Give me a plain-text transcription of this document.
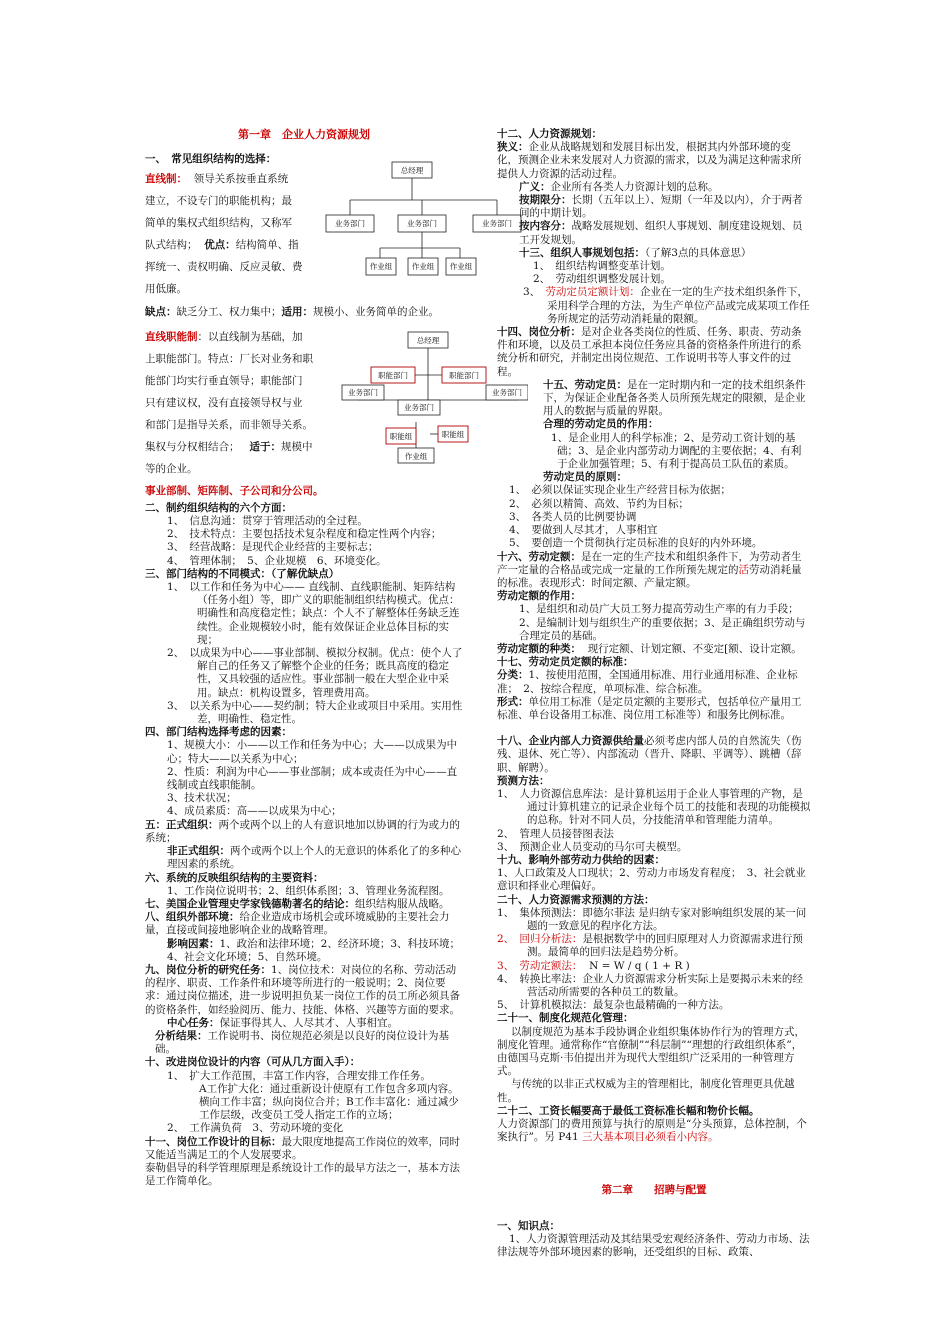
第一章　企业人力资源规划

一、　常见组织结构的选择：

直线制： 领导关系按垂直系统

建立，不设专门的职能机构；最

简单的集权式组织结构，又称军

队式结构； 优点：结构简单、指

挥统一、责权明确、反应灵敏、费

用低廉。

缺点：缺乏分工、权力集中；适用：规模小、业务简单的企业。

直线职能制：以直线制为基础，加

上职能部门。特点：厂长对业务和职

能部门均实行垂直领导；职能部门

只有建议权，没有直接领导权与业

和部门是指导关系，而非领导关系。

集权与分权相结合； 适于：规模中

等的企业。

事业部制、矩阵制、子公司和分公司。

二、制约组织结构的六个方面：

1、　信息沟通：贯穿于管理活动的全过程。

2、　技术特点：主要包括技术复杂程度和稳定性两个内容；

3、　经营战略：是现代企业经营的主要标志；

4、　管理体制；　5、企业规模　6、环境变化。

三、部门结构的不同模式：（了解优缺点）

1、　以工作和任务为中心—— 直线制、直线职能制、矩阵结构（任务小组）等，即广义的职能制组织结构模式。优点：明确性和高度稳定性；缺点：个人不了解整体任务缺乏连续性。企业规模较小时，能有效保证企业总体目标的实现；

2、　以成果为中心——事业部制、模拟分权制。优点：使个人了解自己的任务又了解整个企业的任务；既具高度的稳定性，又具较强的适应性。事业部制一般在大型企业中采用。缺点：机构设置多，管理费用高。

3、　以关系为中心——契约制；特大企业或项目中采用。实用性差，明确性、稳定性。

四、部门结构选择考虑的因素：

1、规模大小：小——以工作和任务为中心；大——以成果为中心；特大——以关系为中心；

2、性质：利润为中心——事业部制；成本或责任为中心——直线制或直线职能制。

3、技术状况；

4、成员素质：高——以成果为中心；

五：正式组织：两个或两个以上的人有意识地加以协调的行为或力的系统；

非正式组织：两个或两个以上个人的无意识的体系化了的多种心理因素的系统。

六、系统的反映组织结构的主要资料：

1、工作岗位说明书；2、组织体系图；3、管理业务流程图。

七、美国企业管理史学家钱德勒著名的结论：组织结构服从战略。

八、组织外部环境：给企业造成市场机会或环境威胁的主要社会力量，直接或间接地影响企业的战略管理。

影响因素：1、政治和法律环境；2、经济环境；3、科技环境；4、社会文化环境；5、自然环境。

九、岗位分析的研究任务：1、岗位技术：对岗位的名称、劳动活动的程序、职责、工作条件和环境等所进行的一般说明；2、岗位要求：通过岗位描述，进一步说明担负某一岗位工作的员工所必须具备的资格条件，如经验阅历、能力、技能、体格、兴趣等方面的要求。

中心任务：保证事得其人、人尽其才、人事相宜。

分析结果：工作说明书、岗位规范必须是以良好的岗位设计为基础。

十、改进岗位设计的内容（可从几方面入手）：

1、　扩大工作范围，丰富工作内容，合理安排工作任务。

A工作扩大化：通过重新设计使原有工作包含多项内容。横向工作丰富；纵向岗位合并；B工作丰富化：通过减少工作层级，改变员工受人指定工作的立场；

2、　工作满负荷　3、劳动环境的变化

十一、岗位工作设计的目标：最大限度地提高工作岗位的效率，同时又能适当满足工的个人发展要求。

泰勒倡导的科学管理原理是系统设计工作的最早方法之一，基本方法是工作简单化。

总经理
业务部门	业务部门	业务部门
作业组	作业组 作业组
总经理
职能部门	职能部门
业务部门
业务部门
业务部门
职能组	职能组
作业组

十二、人力资源规划：

狭义：企业从战略规划和发展目标出发，根据其内外部环境的变化，预测企业未来发展对人力资源的需求，以及为满足这种需求所提供人力资源的活动过程。

广义：企业所有各类人力资源计划的总称。

按期限分：长期（五年以上）、短期（一年及以内），介于两者间的中期计划。

按内容分：战略发展规划、组织人事规划、制度建设规划、员工开发规划。

十三、组织人事规划包括：（了解3点的具体意思）

1、　组织结构调整变革计划。

2、　劳动组织调整发展计划。

3、　劳动定员定额计划：企业在一定的生产技术组织条件下，采用科学合理的方法，为生产单位产品或完成某项工作任务所规定的活劳动消耗量的限额。

十四、岗位分析：是对企业各类岗位的性质、任务、职责、劳动条件和环境，以及员工承担本岗位任务应具备的资格条件所进行的系统分析和研究，并制定出岗位规范、工作说明书等人事文件的过程。

十五、劳动定员：是在一定时期内和一定的技术组织条件下，为保证企业配备各类人员所预先规定的限额，是企业用人的数据与质量的界限。

合理的劳动定员的作用：

1、是企业用人的科学标准；2、是劳动工资计划的基础；3、是企业内部劳动力调配的主要依据；4、有利于企业加强管理；5、有利于提高员工队伍的素质。

劳动定员的原则：

1、　必须以保证实现企业生产经营目标为依据；

2、　必须以精简、高效、节约为目标；

3、　各类人员的比例要协调

4、　要做到人尽其才，人事相宜

5、　要创造一个贯彻执行定员标准的良好的内外环境。

十六、劳动定额：是在一定的生产技术和组织条件下，为劳动者生产一定量的合格品或完成一定量的工作所预先规定的活劳动消耗量的标准。表现形式：时间定额、产量定额。

劳动定额的作用：

1、是组织和动员广大员工努力提高劳动生产率的有力手段；2、是编制计划与组织生产的重要依据；3、是正确组织劳动与合理定员的基础。

劳动定额的种类： 现行定额、计划定额、不变定[额、设计定额。

十七、劳动定员定额的标准：

分类：1、按使用范围，全国通用标准、用行业通用标准、企业标准；　2、按综合程度，单项标准、综合标准。

形式：单位用工标准（是定员定额的主要形式，包括单位产量用工标准、单台设备用工标准、岗位用工标准等）和服务比例标准。

十八、企业内部人力资源供给量必须考虑内部人员的自然流失（伤残、退休、死亡等）、内部流动（晋升、降职、平调等）、跳槽（辞职、解聘）。

预测方法：

1、　人力资源信息库法：是计算机运用于企业人事管理的产物，是通过计算机建立的记录企业每个员工的技能和表现的功能模拟的总称。针对不同人员，分技能清单和管理能力清单。

2、　管理人员接替图表法

3、　预测企业人员变动的马尔可夫模型。

十九、影响外部劳动力供给的因素：

1、人口政策及人口现状；2、劳动力市场发育程度；　3、社会就业意识和择业心理偏好。

二十、人力资源需求预测的方法：

1、　集体预测法：即德尔菲法 是归纳专家对影响组织发展的某一问题的一致意见的程序化方法。

2、　回归分析法：是根据数学中的回归原理对人力资源需求进行预测。最简单的回归法是趋势分析。

3、　劳动定额法： N = W / q ( 1 + R )

4、　转换比率法：企业人力资源需求分析实际上是要揭示未来的经营活动所需要的各种员工的数量。

5、　计算机模拟法：最复杂也最精确的一种方法。

二十一、制度化规范化管理：

以制度规范为基本手段协调企业组织集体协作行为的管理方式，制度化管理。通常称作“官僚制”“科层制”“理想的行政组织体系”，由德国马克斯·韦伯提出并为现代大型组织广泛采用的一种管理方式。

与传统的以非正式权威为主的管理相比，制度化管理更具优越性。

二十二、工资长幅要高于最低工资标准长幅和物价长幅。

人力资源部门的费用预算与执行的原则是“分头预算，总体控制，个案执行”。另 P41 三大基本项目必须看小内容。

第二章　　招聘与配置

一、知识点：

1、人力资源管理活动及其结果受宏观经济条件、劳动力市场、法律法规等外部环境因素的影响，还受组织的目标、政策、
